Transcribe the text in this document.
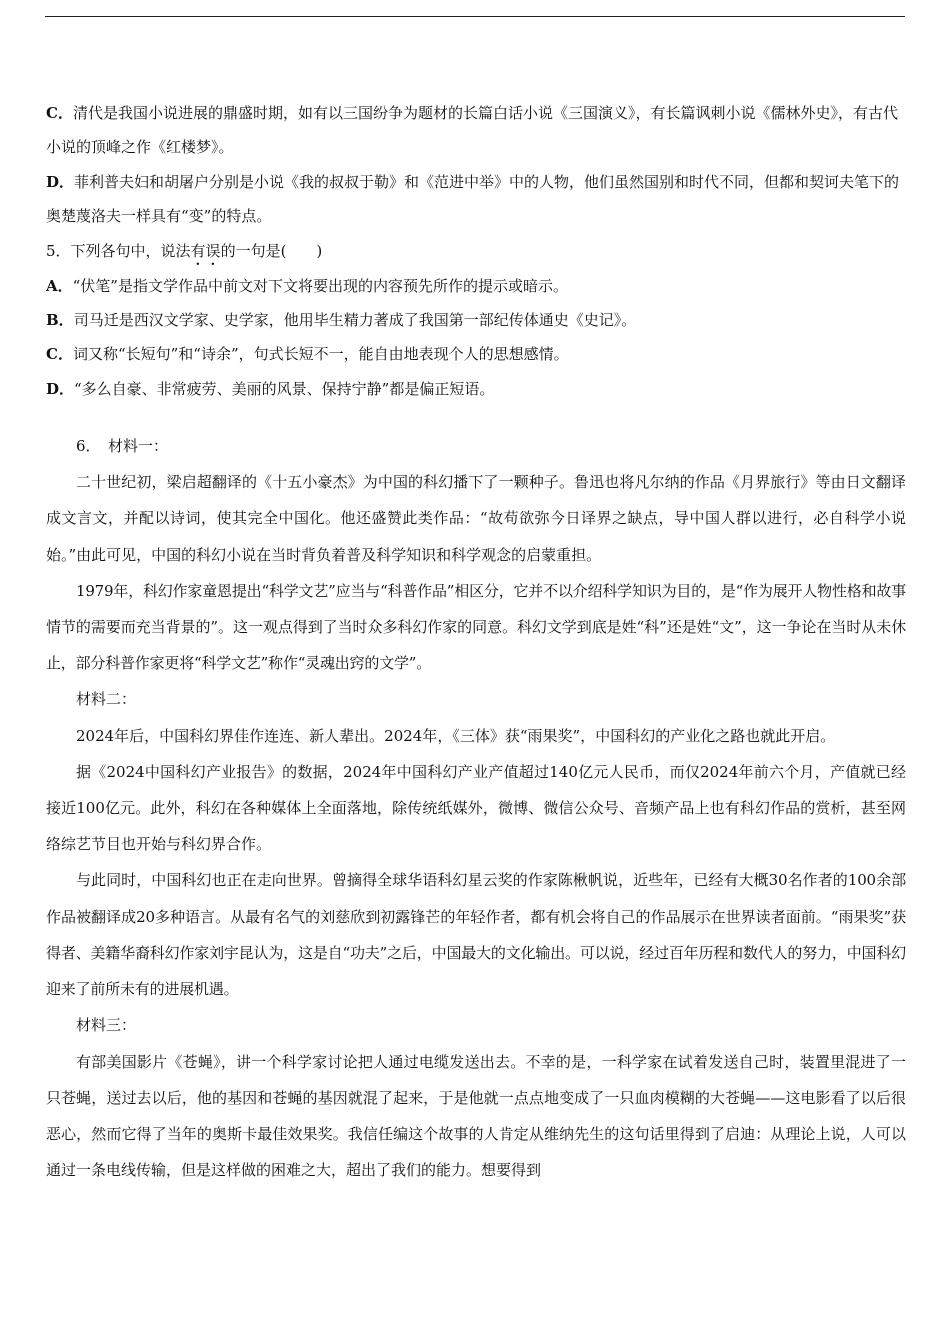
C．清代是我国小说进展的鼎盛时期，如有以三国纷争为题材的长篇白话小说《三国演义》，有长篇讽刺小说《儒林外史》，有古代小说的顶峰之作《红楼梦》。
D．菲利普夫妇和胡屠户分别是小说《我的叔叔于勒》和《范进中举》中的人物，他们虽然国别和时代不同，但都和契诃夫笔下的奥楚蔑洛夫一样具有“变”的特点。
5．下列各句中，说法有误的一句是(　　)
A．“伏笔”是指文学作品中前文对下文将要出现的内容预先所作的提示或暗示。
B．司马迁是西汉文学家、史学家，他用毕生精力著成了我国第一部纪传体通史《史记》。
C．词又称“长短句”和“诗余”，句式长短不一，能自由地表现个人的思想感情。
D．“多么自豪、非常疲劳、美丽的风景、保持宁静”都是偏正短语。
6．　材料一：
二十世纪初，梁启超翻译的《十五小豪杰》为中国的科幻播下了一颗种子。鲁迅也将凡尔纳的作品《月界旅行》等由日文翻译成文言文，并配以诗词，使其完全中国化。他还盛赞此类作品：“故苟欲弥今日译界之缺点，导中国人群以进行，必自科学小说始。”由此可见，中国的科幻小说在当时背负着普及科学知识和科学观念的启蒙重担。
1979年，科幻作家童恩提出“科学文艺”应当与“科普作品”相区分，它并不以介绍科学知识为目的，是“作为展开人物性格和故事情节的需要而充当背景的”。这一观点得到了当时众多科幻作家的同意。科幻文学到底是姓“科”还是姓“文”，这一争论在当时从未休止，部分科普作家更将“科学文艺”称作“灵魂出窍的文学”。
材料二：
2024年后，中国科幻界佳作连连、新人辈出。2024年，《三体》获“雨果奖”，中国科幻的产业化之路也就此开启。
据《2024中国科幻产业报告》的数据，2024年中国科幻产业产值超过140亿元人民币，而仅2024年前六个月，产值就已经接近100亿元。此外，科幻在各种媒体上全面落地，除传统纸媒外，微博、微信公众号、音频产品上也有科幻作品的赏析，甚至网络综艺节目也开始与科幻界合作。
与此同时，中国科幻也正在走向世界。曾摘得全球华语科幻星云奖的作家陈楸帆说，近些年，已经有大概30名作者的100余部作品被翻译成20多种语言。从最有名气的刘慈欣到初露锋芒的年轻作者，都有机会将自己的作品展示在世界读者面前。“雨果奖”获得者、美籍华裔科幻作家刘宇昆认为，这是自“功夫”之后，中国最大的文化输出。可以说，经过百年历程和数代人的努力，中国科幻迎来了前所未有的进展机遇。
材料三：
有部美国影片《苍蝇》，讲一个科学家讨论把人通过电缆发送出去。不幸的是，一科学家在试着发送自己时，装置里混进了一只苍蝇，送过去以后，他的基因和苍蝇的基因就混了起来，于是他就一点点地变成了一只血肉模糊的大苍蝇——这电影看了以后很恶心，然而它得了当年的奥斯卡最佳效果奖。我信任编这个故事的人肯定从维纳先生的这句话里得到了启迪：从理论上说，人可以通过一条电线传输，但是这样做的困难之大，超出了我们的能力。想要得到
